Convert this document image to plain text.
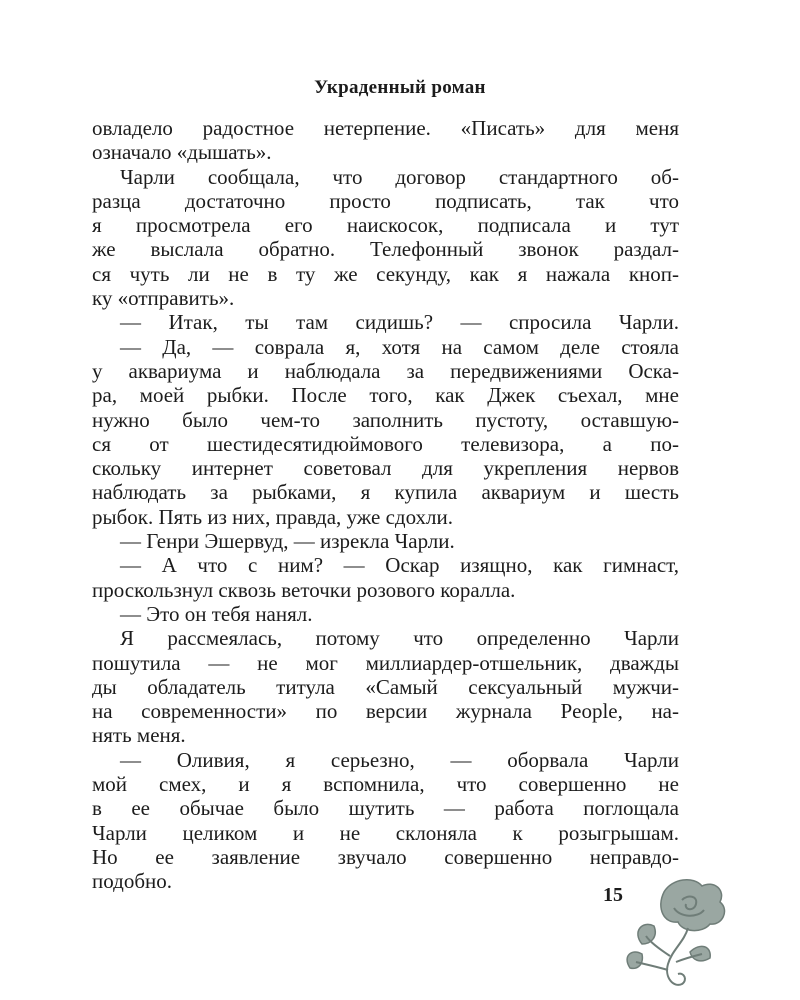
Украденный роман
овладело радостное нетерпение. «Писать» для меня
означало «дышать».
Чарли сообщала, что договор стандартного об-
разца достаточно просто подписать, так что
я просмотрела его наискосок, подписала и тут
же выслала обратно. Телефонный звонок раздал-
ся чуть ли не в ту же секунду, как я нажала кноп-
ку «отправить».
— Итак, ты там сидишь? — спросила Чарли.
— Да, — соврала я, хотя на самом деле стояла
у аквариума и наблюдала за передвижениями Оска-
ра, моей рыбки. После того, как Джек съехал, мне
нужно было чем-то заполнить пустоту, оставшую-
ся от шестидесятидюймового телевизора, а по-
скольку интернет советовал для укрепления нервов
наблюдать за рыбками, я купила аквариум и шесть
рыбок. Пять из них, правда, уже сдохли.
— Генри Эшервуд, — изрекла Чарли.
— А что с ним? — Оскар изящно, как гимнаст,
проскользнул сквозь веточки розового коралла.
— Это он тебя нанял.
Я рассмеялась, потому что определенно Чарли
пошутила — не мог миллиардер-отшельник, дважды
ды обладатель титула «Самый сексуальный мужчи-
на современности» по версии журнала People, на-
нять меня.
— Оливия, я серьезно, — оборвала Чарли
мой смех, и я вспомнила, что совершенно не
в ее обычае было шутить — работа поглощала
Чарли целиком и не склоняла к розыгрышам.
Но ее заявление звучало совершенно неправдо-
подобно.
15
